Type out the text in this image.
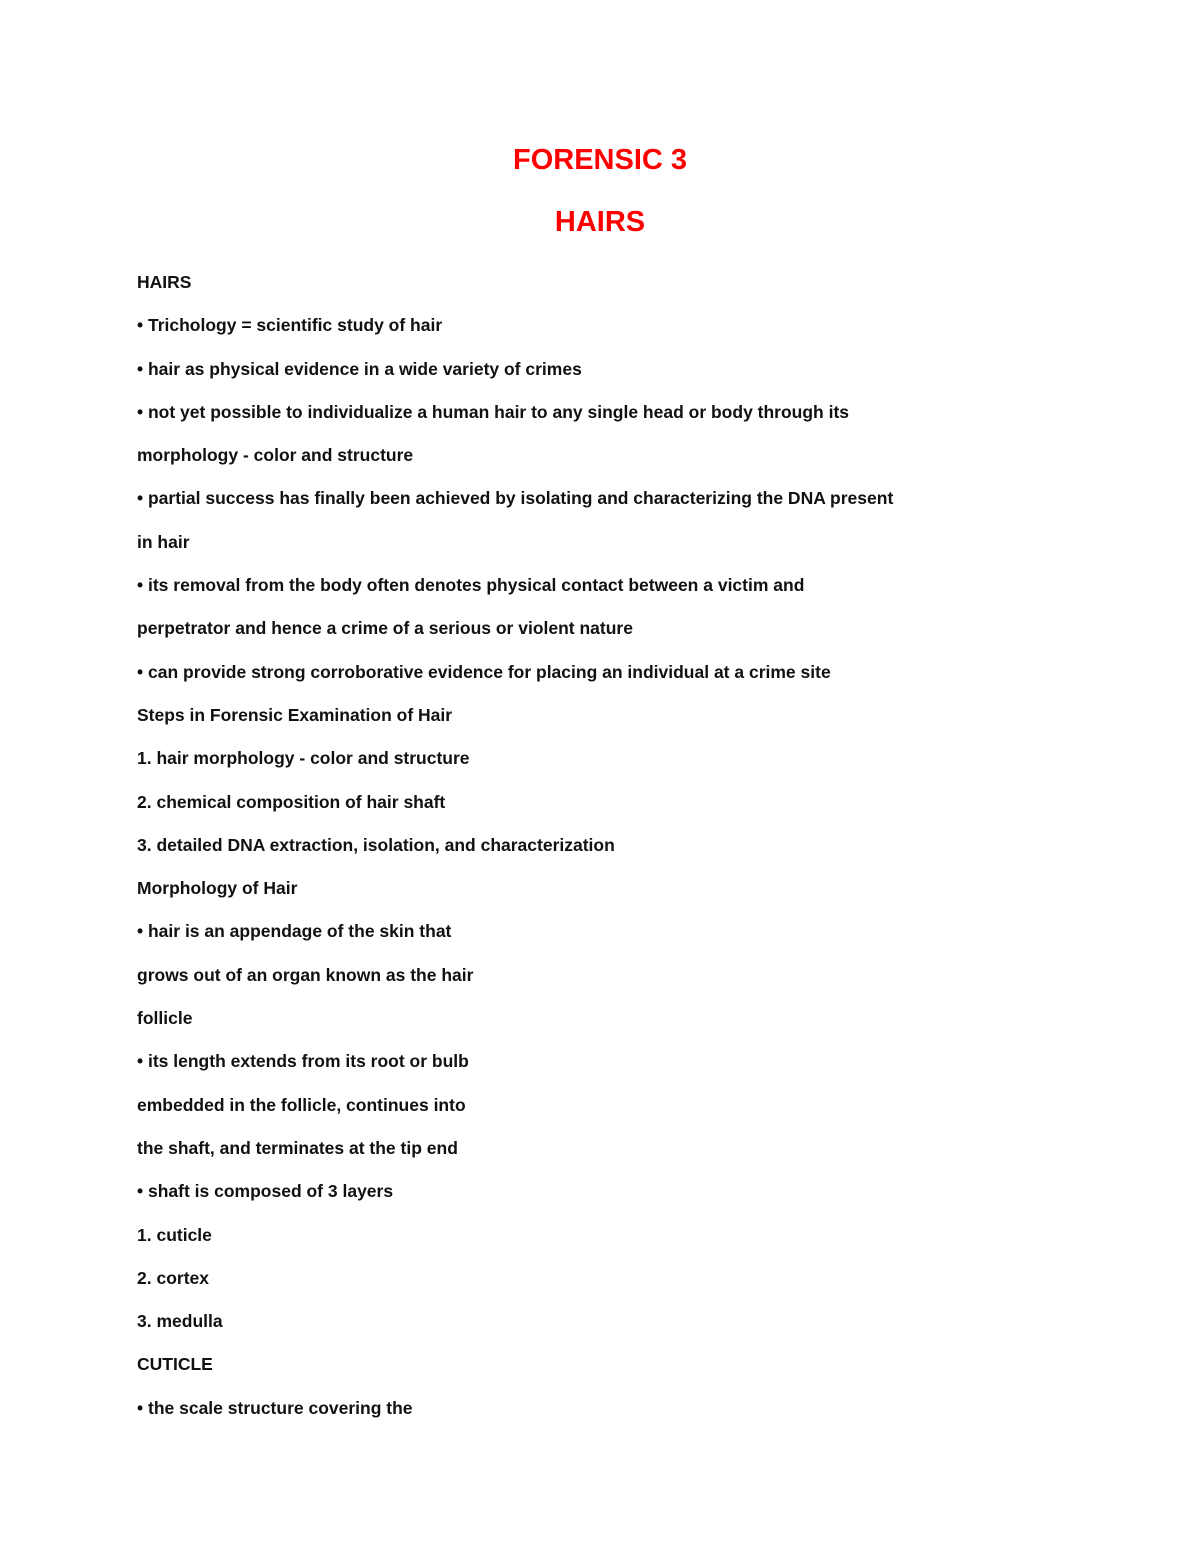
FORENSIC 3
HAIRS

HAIRS

• Trichology = scientific study of hair

• hair as physical evidence in a wide variety of crimes

• not yet possible to individualize a human hair to any single head or body through its

morphology - color and structure

• partial success has finally been achieved by isolating and characterizing the DNA present

in hair

• its removal from the body often denotes physical contact between a victim and

perpetrator and hence a crime of a serious or violent nature

• can provide strong corroborative evidence for placing an individual at a crime site

Steps in Forensic Examination of Hair

1. hair morphology - color and structure

2. chemical composition of hair shaft

3. detailed DNA extraction, isolation, and characterization

Morphology of Hair

• hair is an appendage of the skin that

grows out of an organ known as the hair

follicle

• its length extends from its root or bulb

embedded in the follicle, continues into

the shaft, and terminates at the tip end

• shaft is composed of 3 layers

1. cuticle

2. cortex

3. medulla

CUTICLE

• the scale structure covering the
